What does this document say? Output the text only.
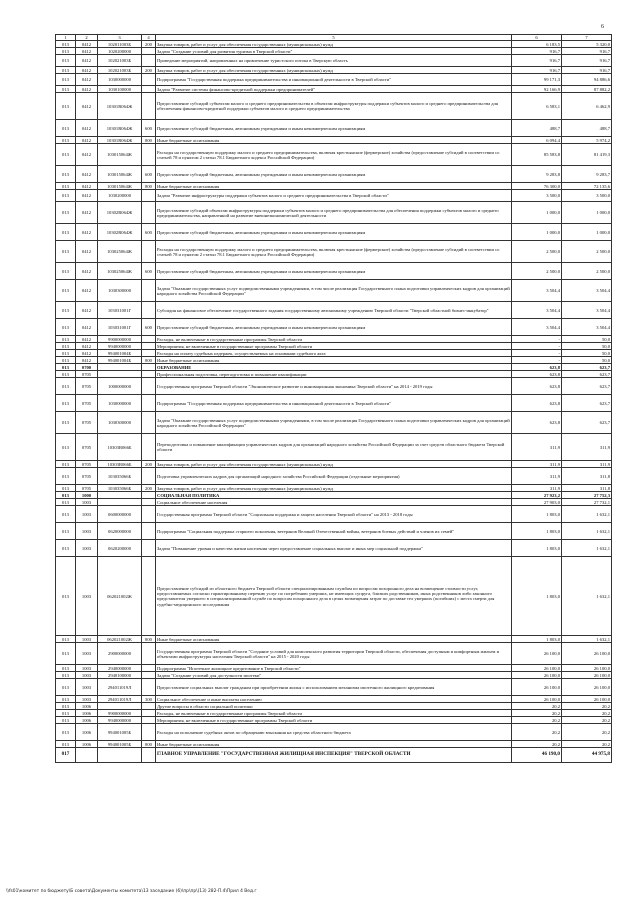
6
1	2	3	4	5	6	7
013	0412	102011003Б	200	Закупка товаров, работ и услуг для обеспечения государственных (муниципальных) нужд	6 183,5	5 320,0
013	0412	1020200000		Задача "Создание условий для развития туризма в Тверской области"	916,7	916,7
013	0412	102021003Б		Проведение мероприятий, направленных на привлечение туристского потока в Тверскую область	916,7	916,7
013	0412	102021003Б	200	Закупка товаров, работ и услуг для обеспечения государственных (муниципальных) нужд	916,7	916,7
013	0412	1030000000		Подпрограмма "Государственная поддержка предпринимательства и инновационной деятельности в Тверской области"	99 171,3	94 886,6
013	0412	1030100000		Задача "Развитие системы финансово-кредитной поддержки предпринимателей"	92 166,9	87 882,2
013	0412	10301R064Ж		Предоставление субсидий субъектам малого и среднего предпринимательства в объектам инфраструктуры поддержки субъектов малого и среднего предпринимательства для обеспечения финансово-кредитной поддержки субъектов малого и среднего предпринимательства	6 583,1	6 462,9
013	0412	10301R064Ж	600	Предоставление субсидий бюджетным, автономным учреждениям и иным некоммерческим организациям	488,7	488,7
013	0412	10301R064Ж	800	Иные бюджетные ассигнования	6 094,4	5 974,2
013	0412	103015064Ж		Расходы на государственную поддержку малого и среднего предпринимательства, включая крестьянские (фермерские) хозяйства (предоставление субсидий в соответствии со статьей 78 и пунктом 2 статьи 78.1 Бюджетного кодекса Российской Федерации)	85 583,8	81 419,3
013	0412	103015064Ж	600	Предоставление субсидий бюджетным, автономным учреждениям и иным некоммерческим организациям	9 283,8	9 283,7
013	0412	103015064Ж	800	Иные бюджетные ассигнования	76 300,0	72 135,6
013	0412	1030200000		Задача "Развитие инфраструктуры поддержки субъектов малого и среднего предпринимательства в Тверской области"	3 500,0	3 500,0
013	0412	10302R064Ж		Предоставление субсидий объектам инфраструктуры поддержки субъектов малого и среднего предпринимательства для обеспечения поддержки субъектов малого и среднего предпринимательства, направленной на развитие внешнеэкономической деятельности	1 000,0	1 000,0
013	0412	10302R064Ж	600	Предоставление субсидий бюджетным, автономным учреждениям и иным некоммерческим организациям	1 000,0	1 000,0
013	0412	103025064Ж		Расходы на государственную поддержку малого и среднего предпринимательства, включая крестьянские (фермерские) хозяйства (предоставление субсидий в соответствии со статьей 78 и пунктом 2 статьи 78.1 Бюджетного кодекса Российской Федерации)	2 500,0	2 500,0
013	0412	103025064Ж	600	Предоставление субсидий бюджетным, автономным учреждениям и иным некоммерческим организациям	2 500,0	2 500,0
013	0412	1030300000		Задача "Оказание государственных услуг подведомственными учреждениями, в том числе реализация Государственного плана подготовки управленческих кадров для организаций народного хозяйства Российской Федерации"	3 504,4	3 504,4
013	0412	103031001Г		Субсидия на финансовое обеспечение государственного задания государственному автономному учреждению Тверской области "Тверской областной бизнес-инкубатор"	3 504,4	3 504,4
013	0412	103031001Г	600	Предоставление субсидий бюджетным, автономным учреждениям и иным некоммерческим организациям	3 504,4	3 504,4
013	0412	9900000000		Расходы, не включенные в государственные программы Тверской области	-	50,0
013	0412	9940000000		Мероприятия, не включенные в государственные программы Тверской области	-	50,0
013	0412	994001004Б		Расходы на оплату судебных издержек, осуществляемых на основании судебного акта	-	50,0
013	0412	994001004Б	800	Иные бюджетные ассигнования	-	50,0
013	0700			ОБРАЗОВАНИЕ	623,8	623,7
013	0705			Профессиональная подготовка, переподготовка и повышение квалификации	623,8	623,7
013	0705	1000000000		Государственная программа Тверской области "Экономическое развитие и инновационная экономика Тверской области" на 2014 - 2019 годы	623,8	623,7
013	0705	1030000000		Подпрограмма "Государственная поддержка предпринимательства и инновационной деятельности в Тверской области"	623,8	623,7
013	0705	1030300000		Задача "Оказание государственных услуг подведомственными учреждениями, в том числе реализация Государственного плана подготовки управленческих кадров для организаций народного хозяйства Российской Федерации"	623,8	623,7
013	0705	10303R066Б		Переподготовка и повышение квалификации управленческих кадров для организаций народного хозяйства Российской Федерации за счет средств областного бюджета Тверской области	311,9	311,9
013	0705	10303R066Б	200	Закупка товаров, работ и услуг для обеспечения государственных (муниципальных) нужд	311,9	311,9
013	0705	103035066Б		Подготовка управленческих кадров для организаций народного хозяйства Российской Федерации (отдельные мероприятия)	311,9	311,8
013	0705	103035066Б	200	Закупка товаров, работ и услуг для обеспечения государственных (муниципальных) нужд	311,9	311,8
013	1000			СОЦИАЛЬНАЯ ПОЛИТИКА	27 923,2	27 752,3
013	1003			Социальное обеспечение населения	27 903,0	27 732,1
013	1003	0600000000		Государственная программа Тверской области "Социальная поддержка и защита населения Тверской области" на 2013 - 2018 годы	1 803,0	1 632,1
013	1003	0620000000		Подпрограмма "Социальная поддержка старшего поколения, ветеранов Великой Отечественной войны, ветеранов боевых действий и членов их семей"	1 803,0	1 632,1
013	1003	0620200000		Задача "Повышение уровня и качества жизни населения через предоставление социальных выплат и иных мер социальной поддержки"	1 803,0	1 632,1
013	1003	062021002Ж		Предоставление субсидий из областного бюджета Тверской области специализированным службам по вопросам похоронного дела на возмещение стоимости услуг, предоставляемых согласно гарантированному перечню услуг по погребению умерших, не имеющих супруга, близких родственников, иных родственников либо законного представителя умершего в специализированной службе по вопросам похоронного дела в целях возмещения затрат по доставке тел умерших (погибших) с места смерти для судебно-медицинского исследования	1 803,0	1 632,1
013	1003	062021002Ж	800	Иные бюджетные ассигнования	1 803,0	1 632,1
013	1003	2900000000		Государственная программа Тверской области "Создание условий для комплексного развития территории Тверской области, обеспечения доступным и комфортным жильем и объектами инфраструктуры населения Тверской области" на 2015 - 2020 годы	26 100,0	26 100,0
013	1003	2940000000		Подпрограмма "Ипотечное жилищное кредитование в Тверской области"	26 100,0	26 100,0
013	1003	2940100000		Задача "Создание условий для доступности ипотеки"	26 100,0	26 100,0
013	1003	294011019Л		Предоставление социальных выплат гражданам при приобретении жилья с использованием механизма ипотечного жилищного кредитования	26 100,0	26 100,0
013	1003	294011019Л	300	Социальное обеспечение и иные выплаты населению	26 100,0	26 100,0
013	1006			Другие вопросы в области социальной политики	20,2	20,2
013	1006	9900000000		Расходы, не включенные в государственные программы Тверской области	20,2	20,2
013	1006	9940000000		Мероприятия, не включенные в государственные программы Тверской области	20,2	20,2
013	1006	994001005Б		Расходы на исполнение судебных актов по обращению взыскания на средства областного бюджета	20,2	20,2
013	1006	994001005Б	800	Иные бюджетные ассигнования	20,2	20,2
017				ГЛАВНОЕ УПРАВЛЕНИЕ "ГОСУДАРСТВЕННАЯ ЖИЛИЩНАЯ ИНСПЕКЦИЯ" ТВЕРСКОЙ ОБЛАСТИ	46 190,0	44 975,8
\\fs01\комитет по бюджету\Б совета\Документы комитета\13 заседание (6)\пр\пр\(13) 282-П.4\Прил 4 Вед.г
